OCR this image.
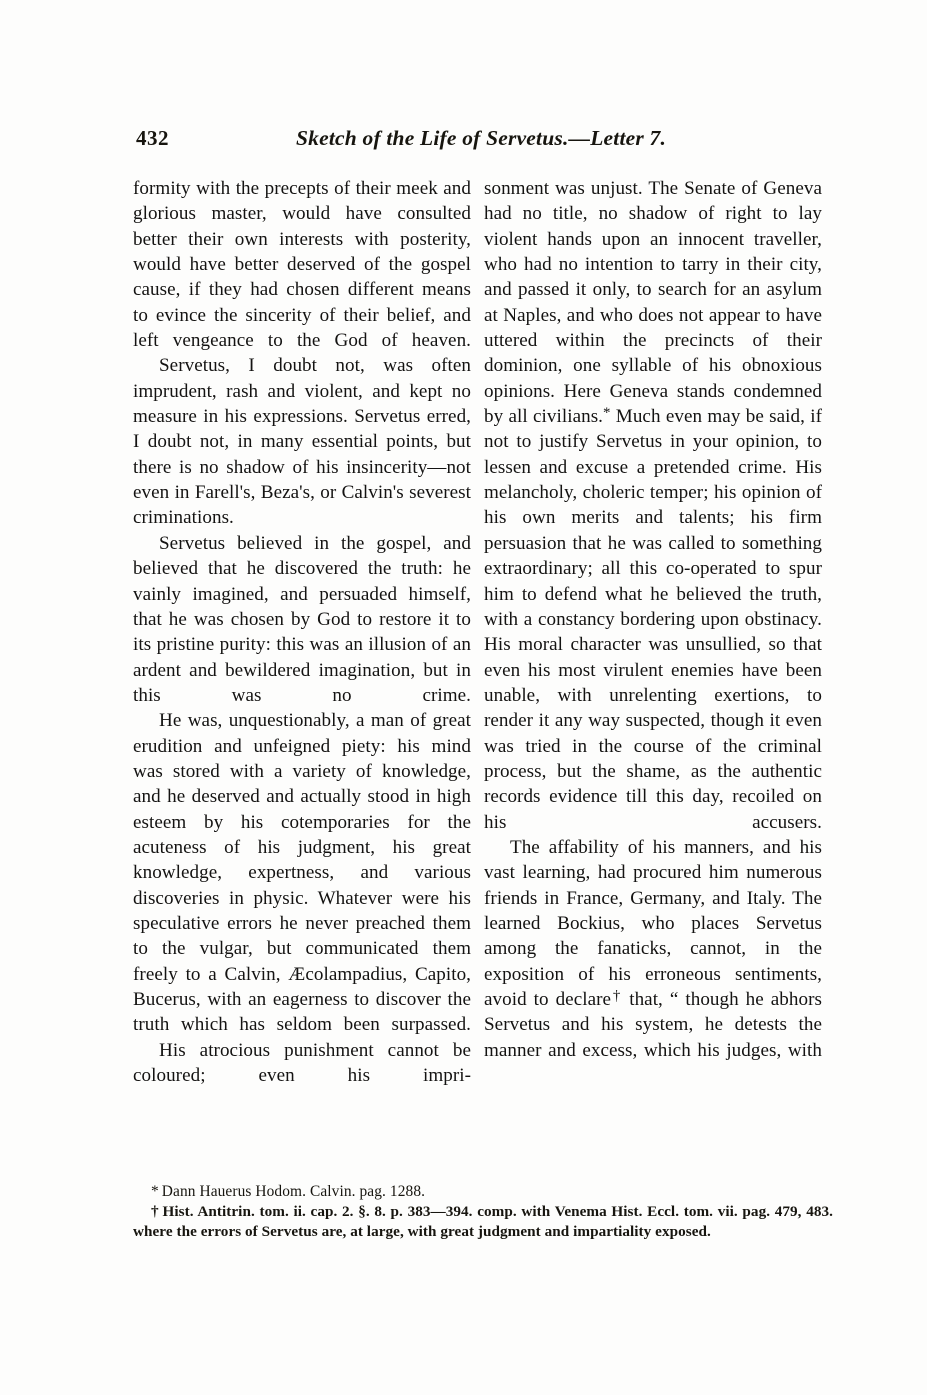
432	Sketch of the Life of Servetus.—Letter 7.

formity with the precepts of their meek and glorious master, would have consulted better their own interests with posterity, would have better deserved of the gospel cause, if they had chosen different means to evince the sincerity of their belief, and left vengeance to the God of heaven.

Servetus, I doubt not, was often imprudent, rash and violent, and kept no measure in his expressions. Servetus erred, I doubt not, in many essential points, but there is no shadow of his insincerity—not even in Farell's, Beza's, or Calvin's severest criminations.

Servetus believed in the gospel, and believed that he discovered the truth: he vainly imagined, and persuaded himself, that he was chosen by God to restore it to its pristine purity: this was an illusion of an ardent and bewildered imagination, but in this was no crime.

He was, unquestionably, a man of great erudition and unfeigned piety: his mind was stored with a variety of knowledge, and he deserved and actually stood in high esteem by his cotemporaries for the acuteness of his judgment, his great knowledge, expertness, and various discoveries in physic. Whatever were his speculative errors he never preached them to the vulgar, but communicated them freely to a Calvin, Æcolampadius, Capito, Bucerus, with an eagerness to discover the truth which has seldom been surpassed.

His atrocious punishment cannot be coloured; even his impri-

sonment was unjust. The Senate of Geneva had no title, no shadow of right to lay violent hands upon an innocent traveller, who had no intention to tarry in their city, and passed it only, to search for an asylum at Naples, and who does not appear to have uttered within the precincts of their dominion, one syllable of his obnoxious opinions. Here Geneva stands condemned by all civilians.* Much even may be said, if not to justify Servetus in your opinion, to lessen and excuse a pretended crime. His melancholy, choleric temper; his opinion of his own merits and talents; his firm persuasion that he was called to something extraordinary; all this co-operated to spur him to defend what he believed the truth, with a constancy bordering upon obstinacy. His moral character was unsullied, so that even his most virulent enemies have been unable, with unrelenting exertions, to render it any way suspected, though it even was tried in the course of the criminal process, but the shame, as the authentic records evidence till this day, recoiled on his accusers.

The affability of his manners, and his vast learning, had procured him numerous friends in France, Germany, and Italy. The learned Bockius, who places Servetus among the fanaticks, cannot, in the exposition of his erroneous sentiments, avoid to declare† that, “ though he abhors Servetus and his system, he detests the manner and excess, which his judges, with

* Dann Hauerus Hodom. Calvin. pag. 1288.

† Hist. Antitrin. tom. ii. cap. 2. §. 8. p. 383—394. comp. with Venema Hist. Eccl. tom. vii. pag. 479, 483. where the errors of Servetus are, at large, with great judgment and impartiality exposed.
